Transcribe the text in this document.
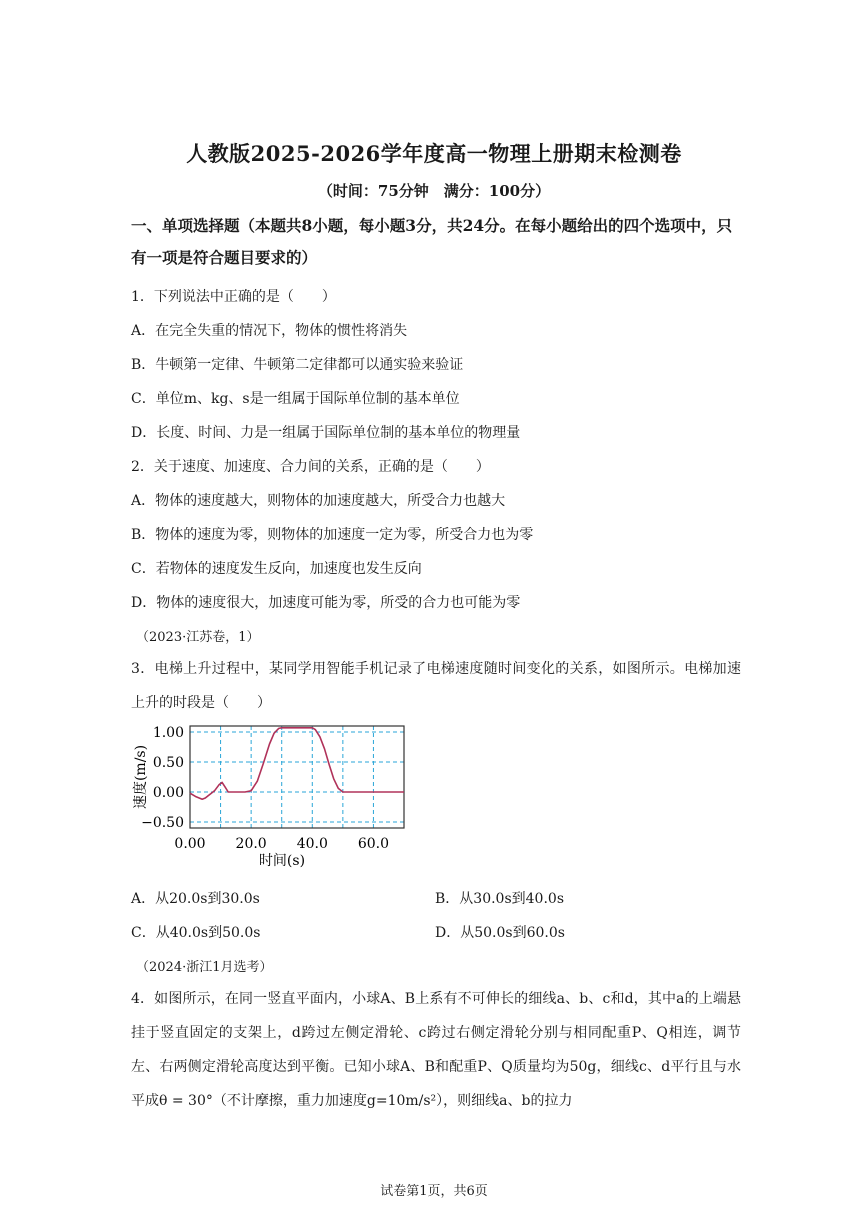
人教版2025-2026学年度高一物理上册期末检测卷
（时间：75分钟　满分：100分）
一、单项选择题（本题共8小题，每小题3分，共24分。在每小题给出的四个选项中，只有一项是符合题目要求的）
1．下列说法中正确的是（　　）
A．在完全失重的情况下，物体的惯性将消失
B．牛顿第一定律、牛顿第二定律都可以通实验来验证
C．单位m、kg、s是一组属于国际单位制的基本单位
D．长度、时间、力是一组属于国际单位制的基本单位的物理量
2．关于速度、加速度、合力间的关系，正确的是（　　）
A．物体的速度越大，则物体的加速度越大，所受合力也越大
B．物体的速度为零，则物体的加速度一定为零，所受合力也为零
C．若物体的速度发生反向，加速度也发生反向
D．物体的速度很大，加速度可能为零，所受的合力也可能为零
（2023·江苏卷，1）
3．电梯上升过程中，某同学用智能手机记录了电梯速度随时间变化的关系，如图所示。电梯加速上升的时段是（　　）
1.00
0.50
0.00
−0.50
0.00 20.0 40.0 60.0
速度(m/s)
时间(s)
A．从20.0s到30.0s	B．从30.0s到40.0s
C．从40.0s到50.0s	D．从50.0s到60.0s
（2024·浙江1月选考）
4．如图所示，在同一竖直平面内，小球A、B上系有不可伸长的细线a、b、c和d，其中a的上端悬挂于竖直固定的支架上，d跨过左侧定滑轮、c跨过右侧定滑轮分别与相同配重P、Q相连，调节左、右两侧定滑轮高度达到平衡。已知小球A、B和配重P、Q质量均为50g，细线c、d平行且与水平成θ = 30°（不计摩擦，重力加速度g=10m/s²），则细线a、b的拉力
试卷第1页，共6页
